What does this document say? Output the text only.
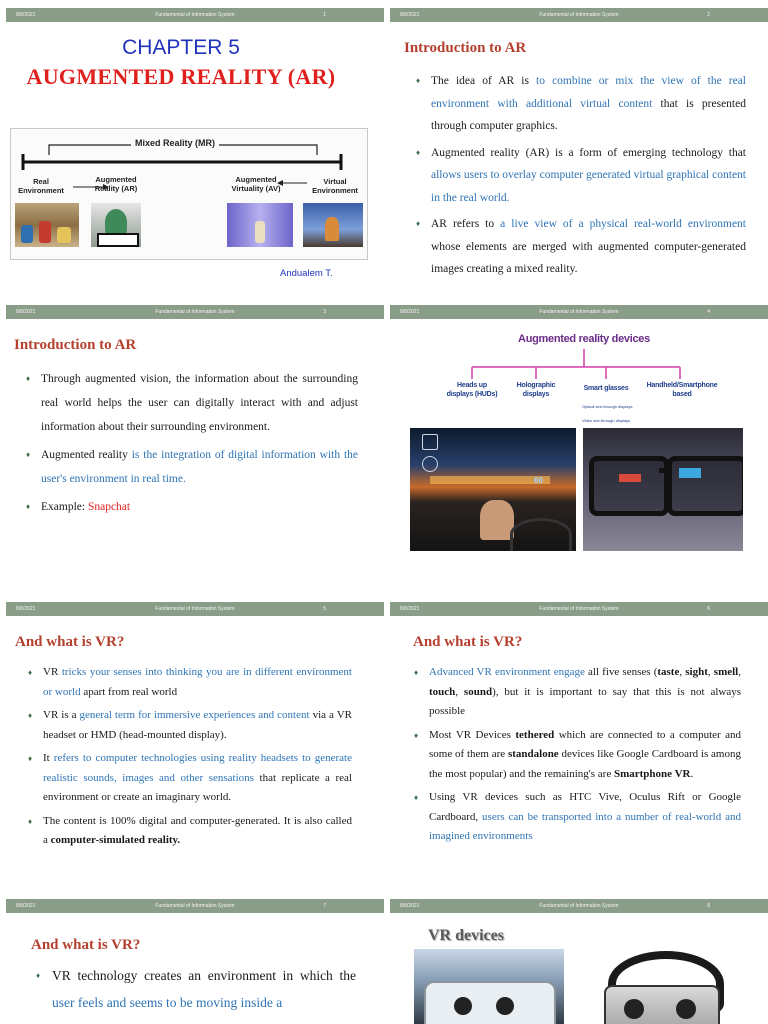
8/8/2021	Fundamental of Information System	1
CHAPTER 5
AUGMENTED REALITY (AR)
Mixed Reality (MR)
Real
Environment
Augmented
Reality (AR)
Augmented
Virtuality (AV)
Virtual
Environment
Andualem T.
8/8/2021	Fundamental of Information System	2
Introduction to AR
♦ The idea of AR is to combine or mix the view of the real environment with additional virtual content that is presented through computer graphics.
♦ Augmented reality (AR) is a form of emerging technology that allows users to overlay computer generated virtual graphical content in the real world.
♦ AR refers to a live view of a physical real-world environment whose elements are merged with augmented computer-generated images creating a mixed reality.
8/8/2021	Fundamental of Information System	3
Introduction to AR
♦ Through augmented vision, the information about the surrounding real world helps the user can digitally interact with and adjust information about their surrounding environment.
♦ Augmented reality is the integration of digital information with the user's environment in real time.
♦ Example: Snapchat
8/8/2021	Fundamental of Information System	4
Augmented reality devices
Heads up
displays (HUDs)
Holographic
displays
Smart glasses	Handheld/Smartphone
based
Optical see-through displays
Video see-through displays
60
8/8/2021	Fundamental of Information System	5
And what is VR?
♦ VR tricks your senses into thinking you are in different environment or world apart from real world
♦ VR is a general term for immersive experiences and content via a VR headset or HMD (head-mounted display).
♦ It refers to computer technologies using reality headsets to generate realistic sounds, images and other sensations that replicate a real environment or create an imaginary world.
♦ The content is 100% digital and computer-generated. It is also called a computer-simulated reality.
8/8/2021	Fundamental of Information System	6
And what is VR?
♦ Advanced VR environment engage all five senses (taste, sight, smell, touch, sound), but it is important to say that this is not always possible
♦ Most VR Devices tethered which are connected to a computer and some of them are standalone devices like Google Cardboard is among the most popular) and the remaining's are Smartphone VR.
♦ Using VR devices such as HTC Vive, Oculus Rift or Google Cardboard, users can be transported into a number of real-world and imagined environments
8/8/2021	Fundamental of Information System	7
And what is VR?
♦ VR technology creates an environment in which the user feels and seems to be moving inside a
8/8/2021	Fundamental of Information System	8
VR devices
